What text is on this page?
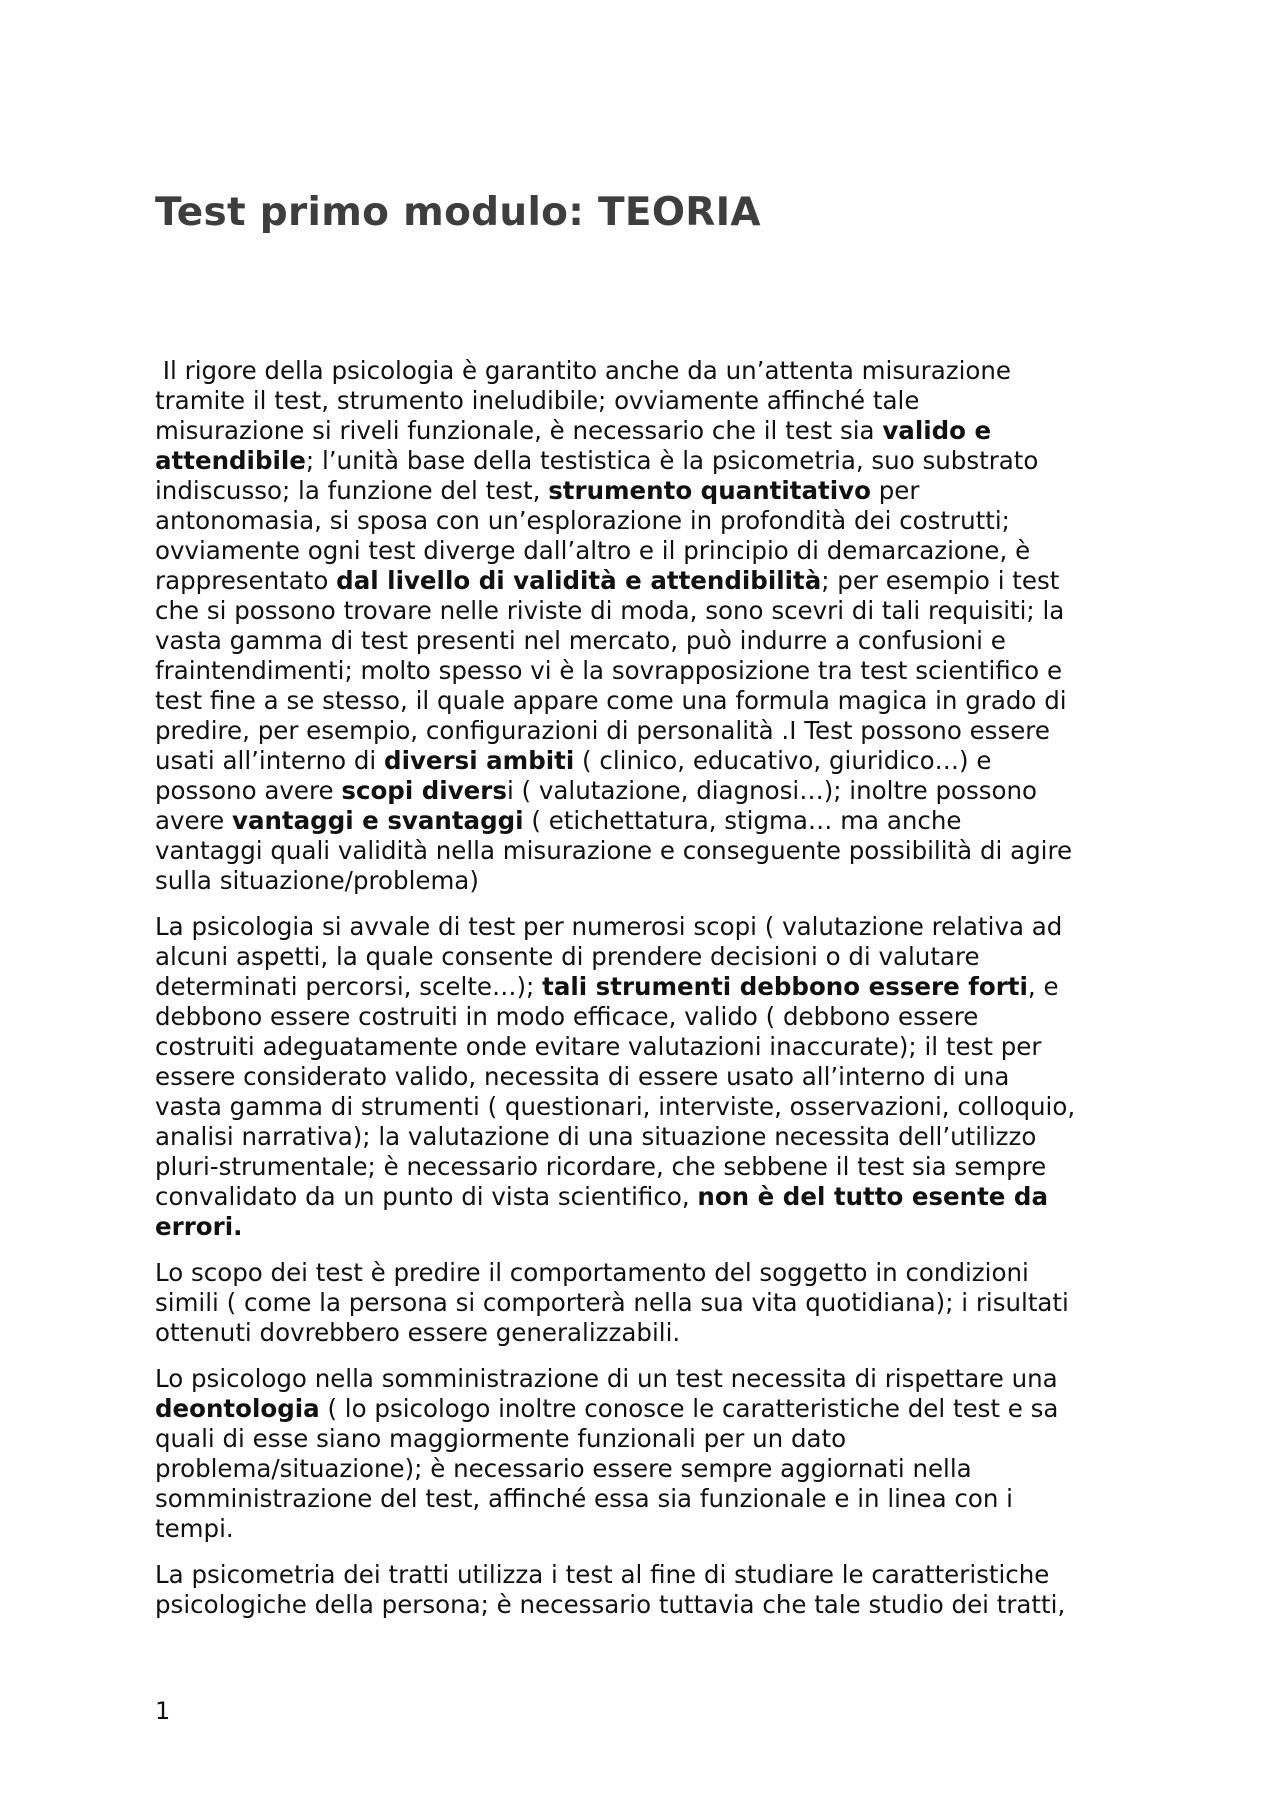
Test primo modulo: TEORIA

Il rigore della psicologia è garantito anche da un’attenta misurazione
tramite il test, strumento ineludibile; ovviamente affinché tale
misurazione si riveli funzionale, è necessario che il test sia valido e
attendibile; l’unità base della testistica è la psicometria, suo substrato
indiscusso; la funzione del test, strumento quantitativo per
antonomasia, si sposa con un’esplorazione in profondità dei costrutti;
ovviamente ogni test diverge dall’altro e il principio di demarcazione, è
rappresentato dal livello di validità e attendibilità; per esempio i test
che si possono trovare nelle riviste di moda, sono scevri di tali requisiti; la
vasta gamma di test presenti nel mercato, può indurre a confusioni e
fraintendimenti; molto spesso vi è la sovrapposizione tra test scientifico e
test fine a se stesso, il quale appare come una formula magica in grado di
predire, per esempio, configurazioni di personalità .I Test possono essere
usati all’interno di diversi ambiti ( clinico, educativo, giuridico…) e
possono avere scopi diversi ( valutazione, diagnosi…); inoltre possono
avere vantaggi e svantaggi ( etichettatura, stigma… ma anche
vantaggi quali validità nella misurazione e conseguente possibilità di agire
sulla situazione/problema)

La psicologia si avvale di test per numerosi scopi ( valutazione relativa ad
alcuni aspetti, la quale consente di prendere decisioni o di valutare
determinati percorsi, scelte…); tali strumenti debbono essere forti, e
debbono essere costruiti in modo efficace, valido ( debbono essere
costruiti adeguatamente onde evitare valutazioni inaccurate); il test per
essere considerato valido, necessita di essere usato all’interno di una
vasta gamma di strumenti ( questionari, interviste, osservazioni, colloquio,
analisi narrativa); la valutazione di una situazione necessita dell’utilizzo
pluri-strumentale; è necessario ricordare, che sebbene il test sia sempre
convalidato da un punto di vista scientifico, non è del tutto esente da
errori.

Lo scopo dei test è predire il comportamento del soggetto in condizioni
simili ( come la persona si comporterà nella sua vita quotidiana); i risultati
ottenuti dovrebbero essere generalizzabili.

Lo psicologo nella somministrazione di un test necessita di rispettare una
deontologia ( lo psicologo inoltre conosce le caratteristiche del test e sa
quali di esse siano maggiormente funzionali per un dato
problema/situazione); è necessario essere sempre aggiornati nella
somministrazione del test, affinché essa sia funzionale e in linea con i
tempi.

La psicometria dei tratti utilizza i test al fine di studiare le caratteristiche
psicologiche della persona; è necessario tuttavia che tale studio dei tratti,

1
